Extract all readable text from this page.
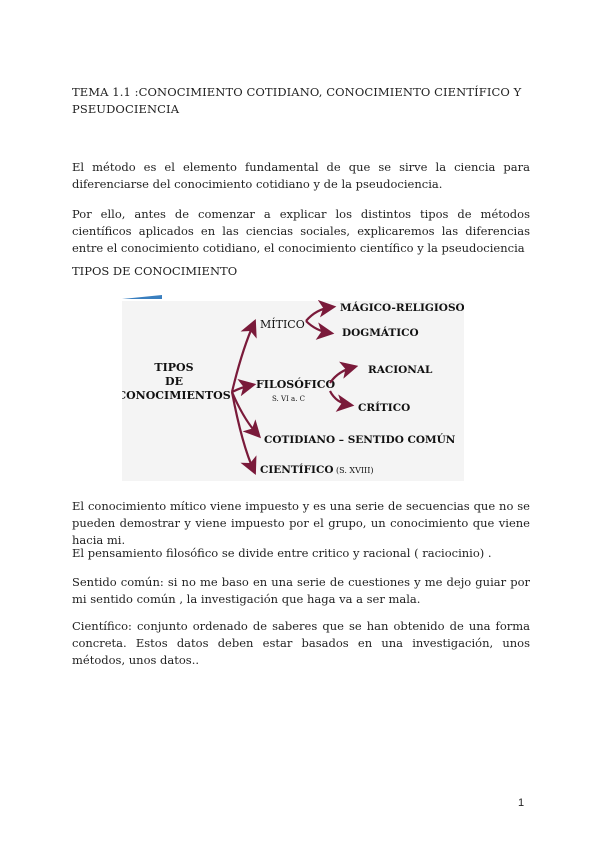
TEMA 1.1 :CONOCIMIENTO COTIDIANO, CONOCIMIENTO CIENTÍFICO Y PSEUDOCIENCIA
El método es el elemento fundamental de que se sirve la ciencia para diferenciarse del conocimiento cotidiano y de la pseudociencia.
Por ello, antes de comenzar a explicar los distintos tipos de métodos científicos aplicados en las ciencias sociales, explicaremos las diferencias entre el conocimiento cotidiano, el conocimiento científico y la pseudociencia
TIPOS DE CONOCIMIENTO
TIPOS
DE
CONOCIMIENTOS
MÍTICO
MÁGICO-RELIGIOSO
DOGMÁTICO
FILOSÓFICO
S. VI a. C
RACIONAL
CRÍTICO
COTIDIANO – SENTIDO COMÚN
CIENTÍFICO (S. XVIII)
El conocimiento mítico viene impuesto y es una serie de secuencias que no se pueden demostrar y viene impuesto por el grupo, un conocimiento que viene hacia mi.
El pensamiento filosófico se divide entre critico y racional ( raciocinio) .
Sentido común: si no me baso en una serie de cuestiones y me dejo guiar por mi sentido común , la investigación que haga va a ser mala.
Científico: conjunto ordenado de saberes que se han obtenido de una forma concreta. Estos datos deben estar basados en una investigación, unos métodos, unos datos..
1
